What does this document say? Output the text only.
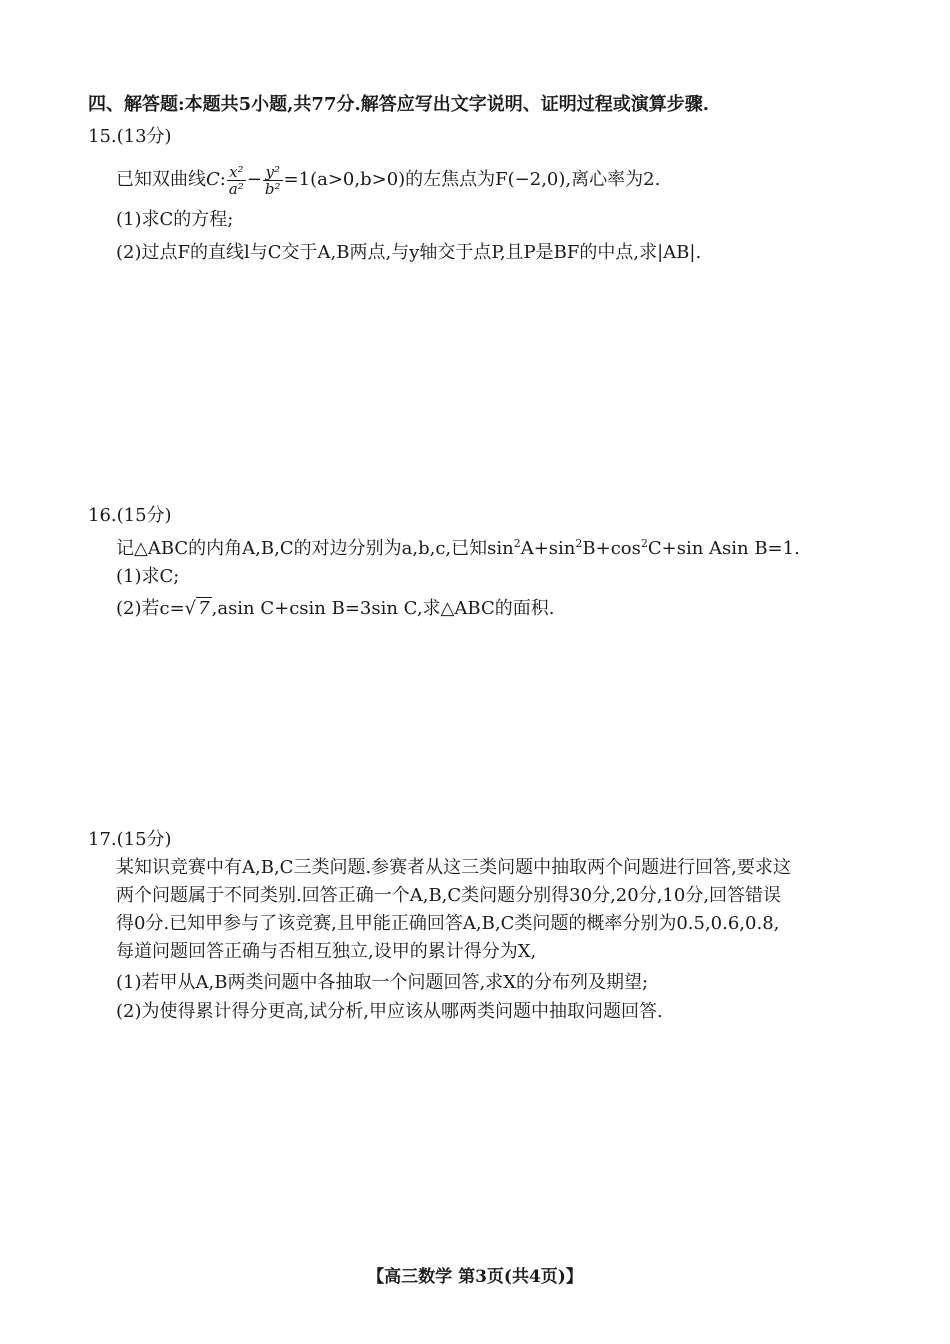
四、解答题:本题共5小题,共77分.解答应写出文字说明、证明过程或演算步骤.
15.(13分)
已知双曲线C: $\frac{\text{x²}}{\text{a²}} - \frac{\text{y²}}{\text{b²}} =1(a>0,b>0)$的左焦点为F(−2,0),离心率为2.
(1)求C的方程;
(2)过点F的直线l与C交于A,B两点,与y轴交于点P,且P是BF的中点,求|AB|.
16.(15分)
记△ABC的内角A,B,C的对边分别为a,b,c,已知$\sin^2A+\sin^2B+\cos^2C+\sin$ Asin B=1.
(1)求C;
(2)若c=√ 7 ,asin C+csin B=3sin C,求△ABC的面积.
17.(15分)
某知识竞赛中有A,B,C三类问题.参赛者从这三类问题中抽取两个问题进行回答,要求这
两个问题属于不同类别.回答正确一个A,B,C类问题分别得30分,20分,10分,回答错误
得0分.已知甲参与了该竞赛,且甲能正确回答A,B,C类问题的概率分别为0.5,0.6,0.8,
每道问题回答正确与否相互独立,设甲的累计得分为X,
(1)若甲从A,B两类问题中各抽取一个问题回答,求X的分布列及期望;
(2)为使得累计得分更高,试分析,甲应该从哪两类问题中抽取问题回答.
【高三数学 第3页(共4页)】
